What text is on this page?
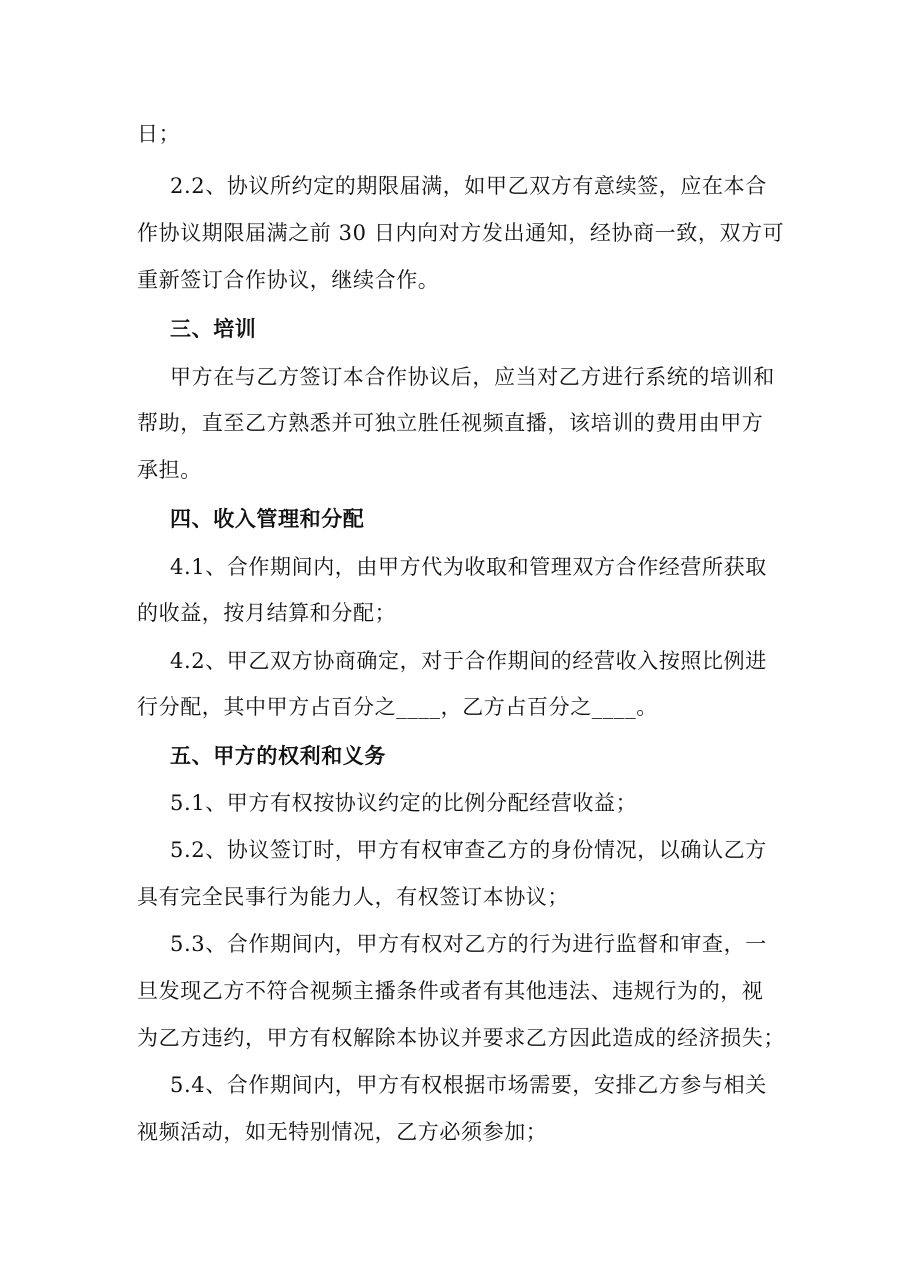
日；
2.2、协议所约定的期限届满，如甲乙双方有意续签，应在本合
作协议期限届满之前 30 日内向对方发出通知，经协商一致，双方可
重新签订合作协议，继续合作。
三、培训
甲方在与乙方签订本合作协议后，应当对乙方进行系统的培训和
帮助，直至乙方熟悉并可独立胜任视频直播，该培训的费用由甲方
承担。
四、收入管理和分配
4.1、合作期间内，由甲方代为收取和管理双方合作经营所获取
的收益，按月结算和分配；
4.2、甲乙双方协商确定，对于合作期间的经营收入按照比例进
行分配，其中甲方占百分之____，乙方占百分之____。
五、甲方的权利和义务
5.1、甲方有权按协议约定的比例分配经营收益；
5.2、协议签订时，甲方有权审查乙方的身份情况，以确认乙方
具有完全民事行为能力人，有权签订本协议；
5.3、合作期间内，甲方有权对乙方的行为进行监督和审查，一
旦发现乙方不符合视频主播条件或者有其他违法、违规行为的，视
为乙方违约，甲方有权解除本协议并要求乙方因此造成的经济损失；
5.4、合作期间内，甲方有权根据市场需要，安排乙方参与相关
视频活动，如无特别情况，乙方必须参加；
